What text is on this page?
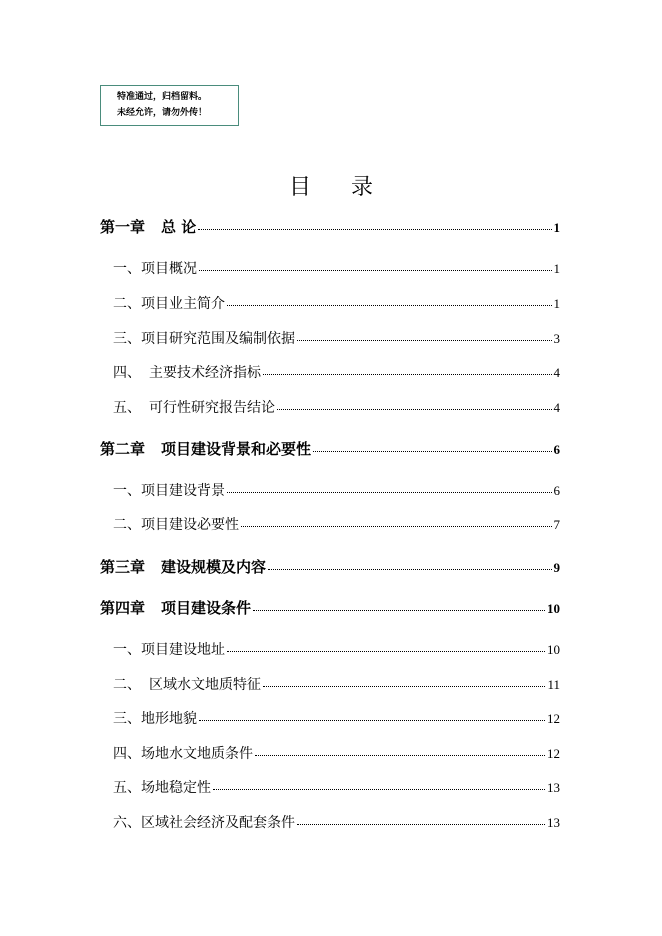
特准通过，归档留料。
未经允许，请勿外传！
目录
第一章 总 论	1
一、项目概况	1
二、项目业主简介	1
三、项目研究范围及编制依据	3
四、 主要技术经济指标	4
五、 可行性研究报告结论	4
第二章 项目建设背景和必要性	6
一、项目建设背景	6
二、项目建设必要性	7
第三章 建设规模及内容	9
第四章 项目建设条件	10
一、项目建设地址	10
二、 区域水文地质特征	11
三、地形地貌	12
四、场地水文地质条件	12
五、场地稳定性	13
六、区域社会经济及配套条件	13
